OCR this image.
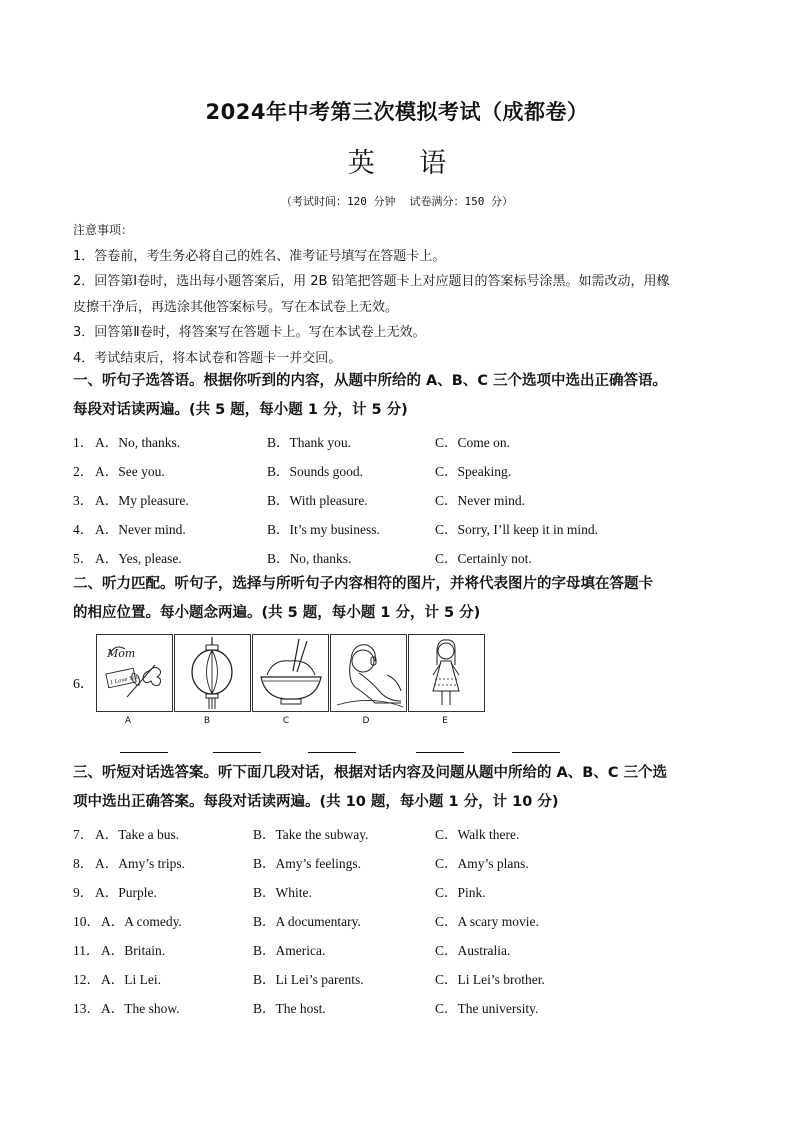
2024年中考第三次模拟考试（成都卷）
英 语
（考试时间：120 分钟 试卷满分：150 分）
注意事项：
1．答卷前，考生务必将自己的姓名、准考证号填写在答题卡上。
2．回答第Ⅰ卷时，选出每小题答案后，用 2B 铅笔把答题卡上对应题目的答案标号涂黑。如需改动，用橡
皮擦干净后，再选涂其他答案标号。写在本试卷上无效。
3．回答第Ⅱ卷时，将答案写在答题卡上。写在本试卷上无效。
4．考试结束后，将本试卷和答题卡一并交回。
一、听句子选答语。根据你听到的内容，从题中所给的 A、B、C 三个选项中选出正确答语。
每段对话读两遍。(共 5 题，每小题 1 分，计 5 分)
1． A．No, thanks.	B．Thank you.	C．Come on.
2． A．See you.	B．Sounds good.	C．Speaking.
3． A．My pleasure.	B．With pleasure.	C．Never mind.
4． A．Never mind.	B．It’s my business.	C．Sorry, I’ll keep it in mind.
5． A．Yes, please.	B．No, thanks.	C．Certainly not.
二、听力匹配。听句子，选择与所听句子内容相符的图片，并将代表图片的字母填在答题卡
的相应位置。每小题念两遍。(共 5 题，每小题 1 分，计 5 分)
6．
Mom
I Love You
A	B	C	D	E
三、听短对话选答案。听下面几段对话，根据对话内容及问题从题中所给的 A、B、C 三个选
项中选出正确答案。每段对话读两遍。(共 10 题，每小题 1 分，计 10 分)
7． A．Take a bus.	B．Take the subway.	C．Walk there.
8． A．Amy’s trips.	B．Amy’s feelings.	C．Amy’s plans.
9． A．Purple.	B．White.	C．Pink.
10． A．A comedy.	B．A documentary.	C．A scary movie.
11． A．Britain.	B．America.	C．Australia.
12． A．Li Lei.	B．Li Lei’s parents.	C．Li Lei’s brother.
13． A．The show.	B．The host.	C．The university.
